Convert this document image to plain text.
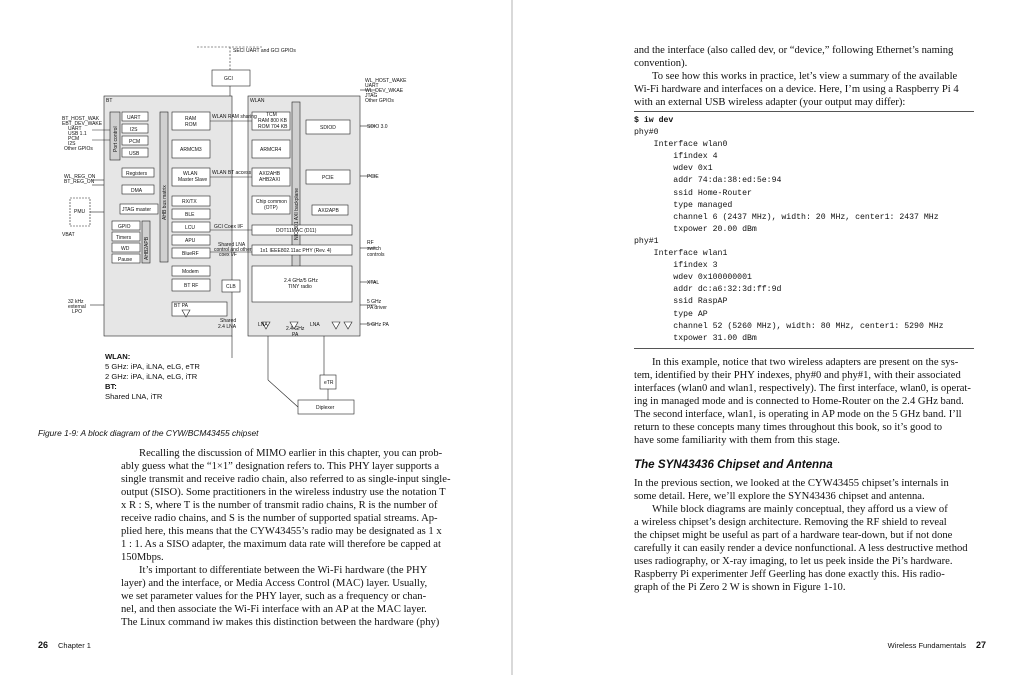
SECI UART and GCI GPIOs
GCI
BT	WLAN
WL_HOST_WAKE
UART
WL_DEV_WKAE
JTAG
Other GPIOs
BT_HOST_WAK
EBT_DEV_WAKE
UART
USB 1.1
PCM
I2S
Other GPIOs
WL_REG_ON
BT_REG_ON
PMU
VBAT
32 kHz
external
LPO
Port control
AHB bus matrix
AHB2APB
NIC-301 AXI backplane
UART
I2S
PCM
USB
Registers
DMA
JTAG master
GPIO
Timers
WD
Pause
RAM
ROM
ARMCM3
WLAN
Master Slave
RX/TX
BLE
LCU
APU
BlueRF
Modem
BT RF
WLAN RAM sharing
WLAN BT access
GCI Coex I/F
Shared LNA
control and other
coex I/F
TCM
RAM 800 KB
ROM 704 KB
ARMCR4
AXI2AHB
AHB2AXI
Chip common
(OTP)
DOT11MAC (D11)
1x1 IEEE802.11ac PHY (Rev. 4)
2.4 GHz/5 GHz
TINY radio
SDIOD
PCIE
AXI2APB
SDIO 3.0
PCIE
RF
switch
controls
XTAL
5 GHz
PA driver
5 GHz PA
BT PA
CLB
Shared
2.4 LNA	LNA
2.4 GHz
PA
LNA
eTR
Diplexer
WLAN:
5 GHz: iPA, iLNA, eLG, eTR
2 GHz: iPA, iLNA, eLG, iTR
BT:
Shared LNA, iTR
Figure 1-9: A block diagram of the CYW/BCM43455 chipset

Recalling the discussion of MIMO earlier in this chapter, you can prob-

ably guess what the “1×1” designation refers to. This PHY layer supports a

single transmit and receive radio chain, also referred to as single-input single-

output (SISO). Some practitioners in the wireless industry use the notation T

x R : S, where T is the number of transmit radio chains, R is the number of

receive radio chains, and S is the number of supported spatial streams. Ap-

plied here, this means that the CYW43455’s radio may be designated as 1 x

1 : 1. As a SISO adapter, the maximum data rate will therefore be capped at

150Mbps.

It’s important to differentiate between the Wi-Fi hardware (the PHY

layer) and the interface, or Media Access Control (MAC) layer. Usually,

we set parameter values for the PHY layer, such as a frequency or chan-

nel, and then associate the Wi-Fi interface with an AP at the MAC layer.

The Linux command iw makes this distinction between the hardware (phy)

26 Chapter 1

and the interface (also called dev, or “device,” following Ethernet’s naming

convention).

To see how this works in practice, let’s view a summary of the available

Wi-Fi hardware and interfaces on a device. Here, I’m using a Raspberry Pi 4

with an external USB wireless adapter (your output may differ):

$ iw dev
phy#0
Interface wlan0
ifindex 4
wdev 0x1
addr 74:da:38:ed:5e:94
ssid Home-Router
type managed
channel 6 (2437 MHz), width: 20 MHz, center1: 2437 MHz
txpower 20.00 dBm
phy#1
Interface wlan1
ifindex 3
wdev 0x100000001
addr dc:a6:32:3d:ff:9d
ssid RaspAP
type AP
channel 52 (5260 MHz), width: 80 MHz, center1: 5290 MHz
txpower 31.00 dBm

In this example, notice that two wireless adapters are present on the sys-

tem, identified by their PHY indexes, phy#0 and phy#1, with their associated

interfaces (wlan0 and wlan1, respectively). The first interface, wlan0, is operat-

ing in managed mode and is connected to Home-Router on the 2.4 GHz band.

The second interface, wlan1, is operating in AP mode on the 5 GHz band. I’ll

return to these concepts many times throughout this book, so it’s good to

have some familiarity with them from this stage.

The SYN43436 Chipset and Antenna

In the previous section, we looked at the CYW43455 chipset’s internals in

some detail. Here, we’ll explore the SYN43436 chipset and antenna.

While block diagrams are mainly conceptual, they afford us a view of

a wireless chipset’s design architecture. Removing the RF shield to reveal

the chipset might be useful as part of a hardware tear-down, but if not done

carefully it can easily render a device nonfunctional. A less destructive method

uses radiography, or X-ray imaging, to let us peek inside the Pi’s hardware.

Raspberry Pi experimenter Jeff Geerling has done exactly this. His radio-

graph of the Pi Zero 2 W is shown in Figure 1-10.

Wireless Fundamentals 27
